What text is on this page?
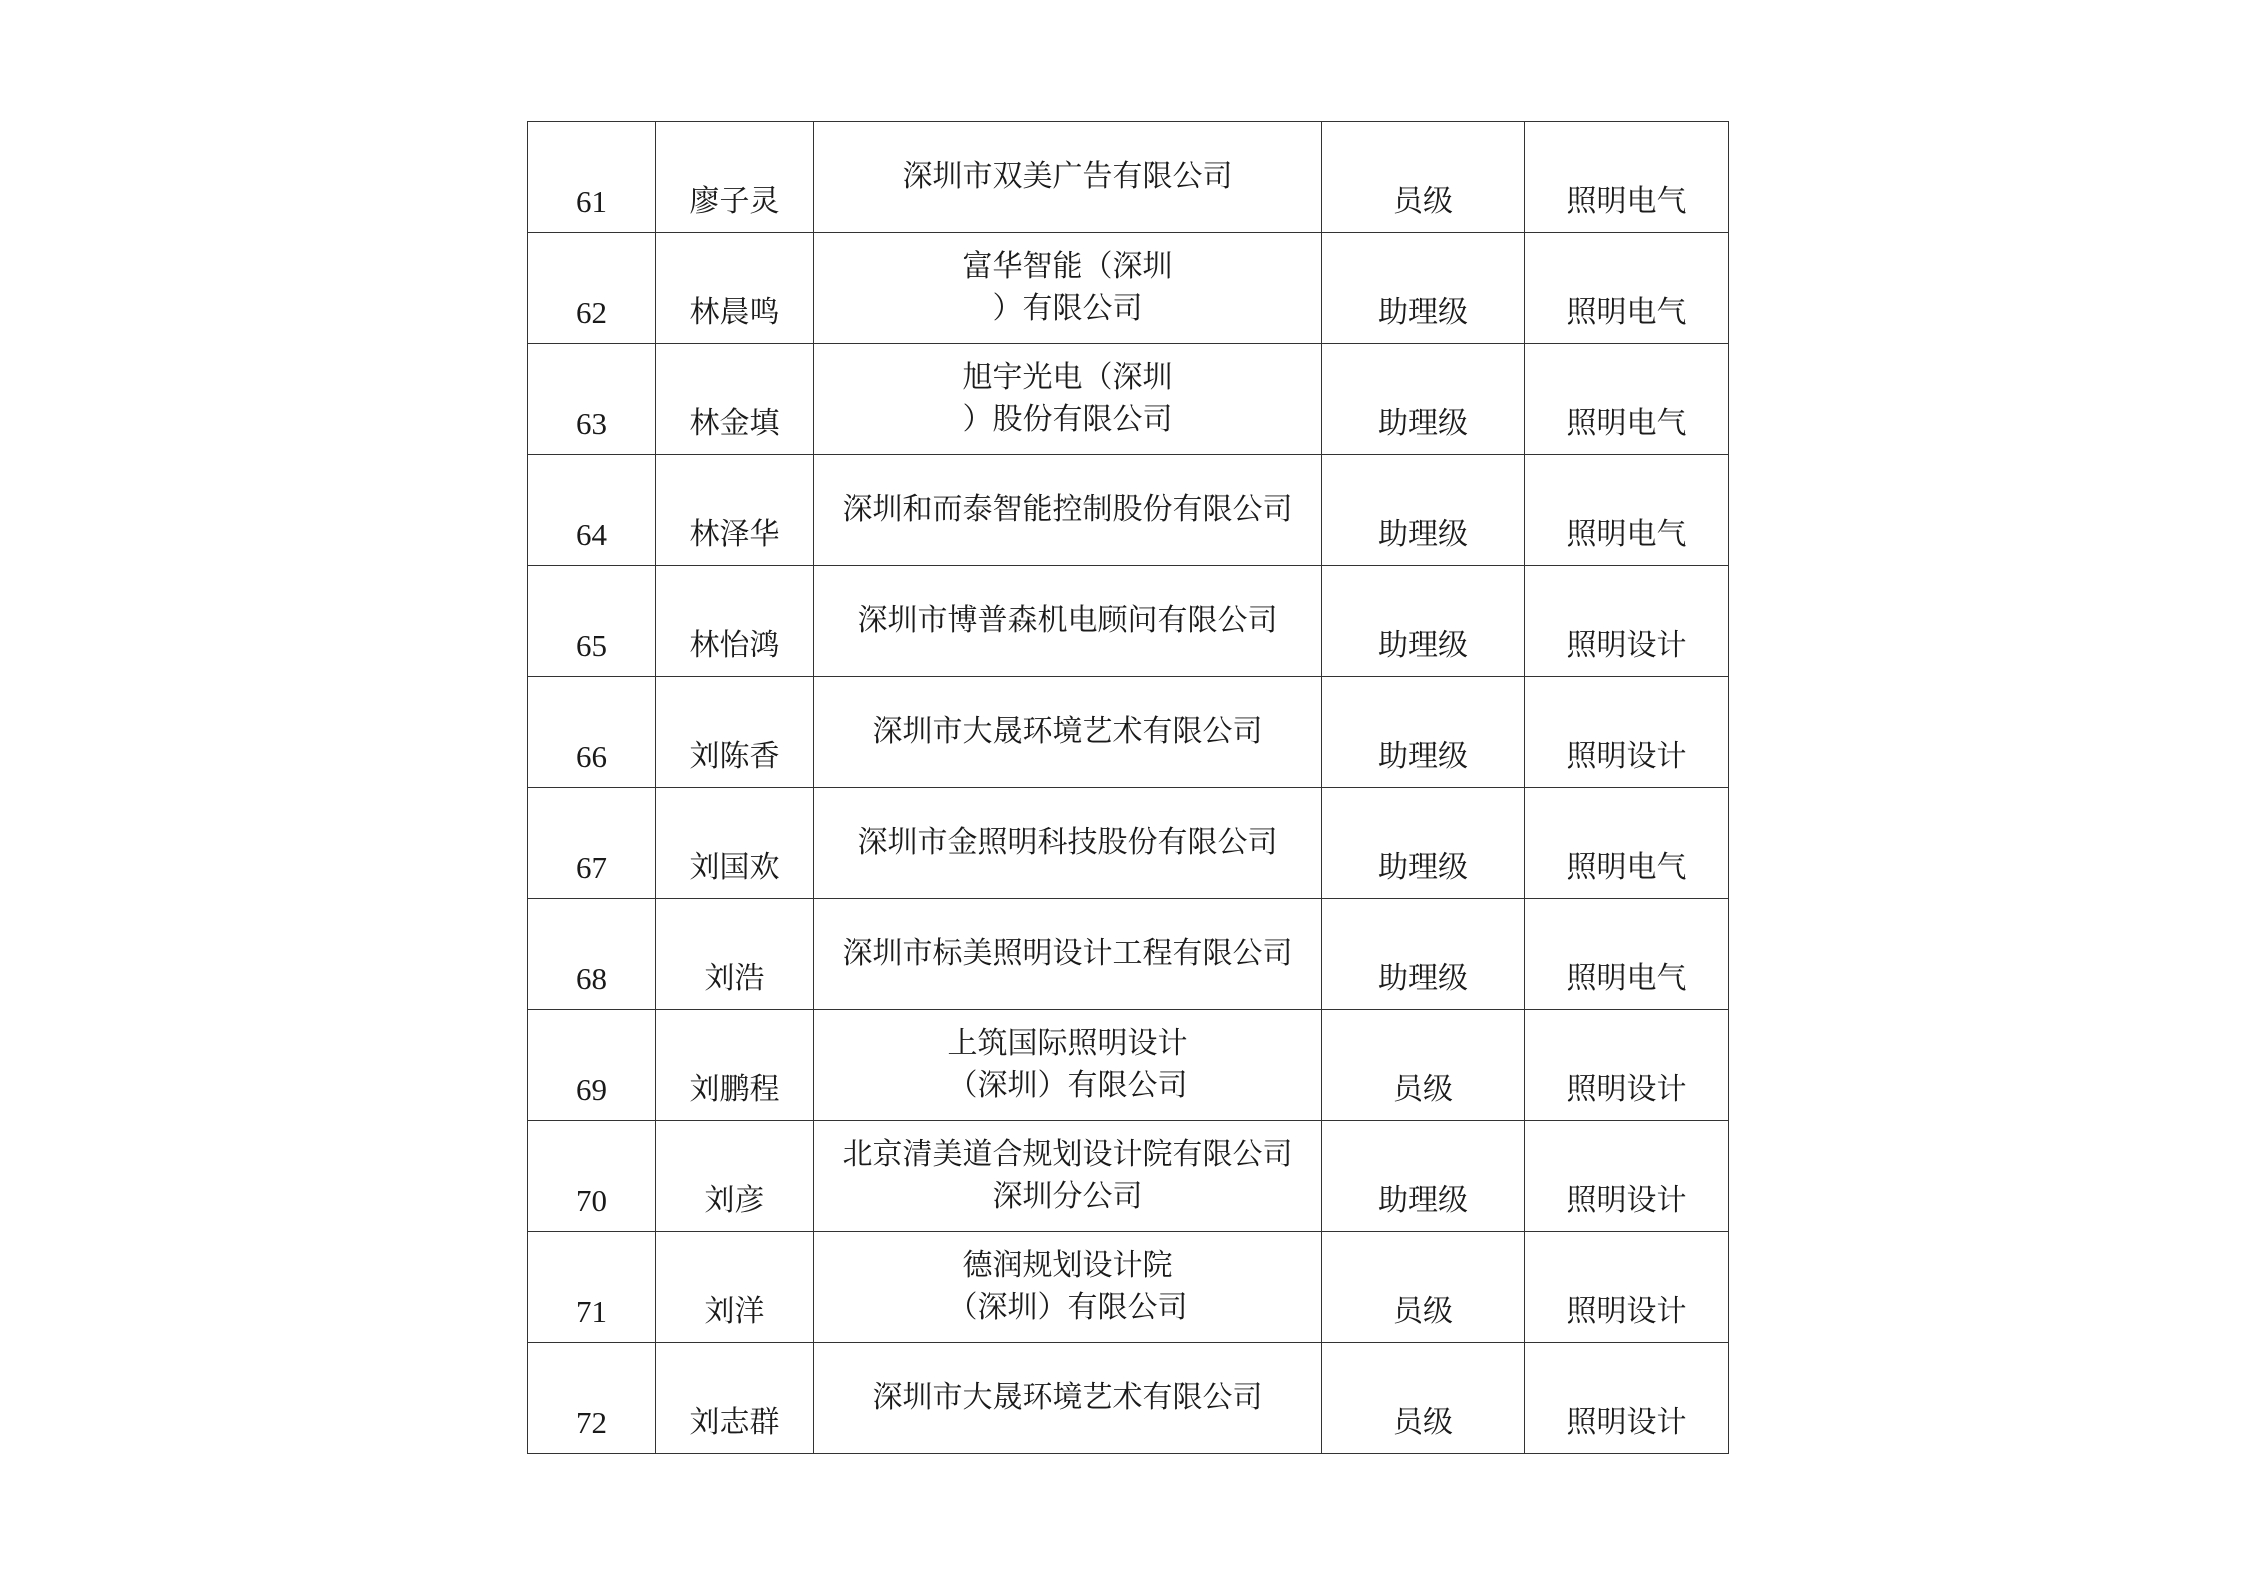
61	廖子灵	深圳市双美广告有限公司	员级	照明电气

62	林晨鸣	富华智能（深圳
）有限公司	助理级	照明电气

63	林金填	旭宇光电（深圳
）股份有限公司	助理级	照明电气

64	林泽华	深圳和而泰智能控制股份有限公司	助理级	照明电气

65	林怡鸿	深圳市博普森机电顾问有限公司	助理级	照明设计

66	刘陈香	深圳市大晟环境艺术有限公司	助理级	照明设计

67	刘国欢	深圳市金照明科技股份有限公司	助理级	照明电气

68	刘浩	深圳市标美照明设计工程有限公司	助理级	照明电气

69	刘鹏程	上筑国际照明设计
（深圳）有限公司	员级	照明设计

70	刘彦	北京清美道合规划设计院有限公司
深圳分公司	助理级	照明设计

71	刘洋	德润规划设计院
（深圳）有限公司	员级	照明设计

72	刘志群	深圳市大晟环境艺术有限公司	员级	照明设计
